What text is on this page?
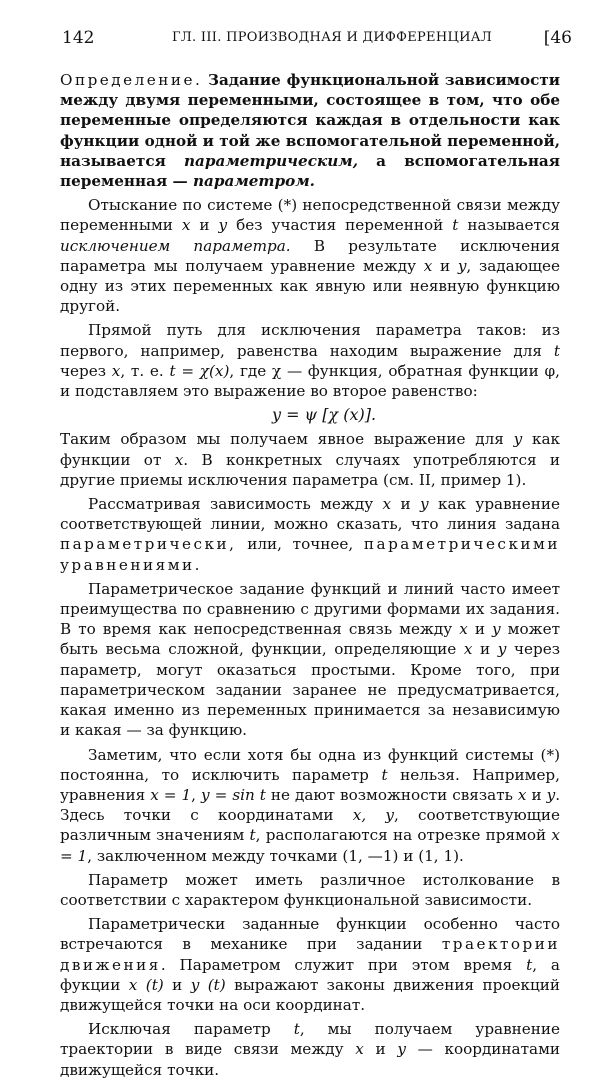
142	ГЛ. III. ПРОИЗВОДНАЯ И ДИФФЕРЕНЦИАЛ	[46

Определение. Задание функциональной зависимости между двумя переменными, состоящее в том, что обе переменные определяются каждая в отдельности как функции одной и той же вспомогательной переменной, называется параметрическим, а вспомогательная переменная — параметром.

Отыскание по системе (*) непосредственной связи между переменными x и y без участия переменной t называется исключением параметра. В результате исключения параметра мы получаем уравнение между x и y, задающее одну из этих переменных как явную или неявную функцию другой.

Прямой путь для исключения параметра таков: из первого, например, равенства находим выражение для t через x, т. е. t = χ(x), где χ — функция, обратная функции φ, и подставляем это выражение во второе равенство:

y = ψ [χ (x)].

Таким образом мы получаем явное выражение для y как функции от x. В конкретных случаях употребляются и другие приемы исключения параметра (см. II, пример 1).

Рассматривая зависимость между x и y как уравнение соответствующей линии, можно сказать, что линия задана параметрически, или, точнее, параметрическими уравнениями.

Параметрическое задание функций и линий часто имеет преимущества по сравнению с другими формами их задания. В то время как непосредственная связь между x и y может быть весьма сложной, функции, определяющие x и y через параметр, могут оказаться простыми. Кроме того, при параметрическом задании заранее не предусматривается, какая именно из переменных принимается за независимую и какая — за функцию.

Заметим, что если хотя бы одна из функций системы (*) постоянна, то исключить параметр t нельзя. Например, уравнения x = 1, y = sin t не дают возможности связать x и y. Здесь точки с координатами x, y, соответствующие различным значениям t, располагаются на отрезке прямой x = 1, заключенном между точками (1, —1) и (1, 1).

Параметр может иметь различное истолкование в соответствии с характером функциональной зависимости.

Параметрически заданные функции особенно часто встречаются в механике при задании траектории движения. Параметром служит при этом время t, а фукции x (t) и y (t) выражают законы движения проекций движущейся точки на оси координат.

Исключая параметр t, мы получаем уравнение траектории в виде связи между x и y — координатами движущейся точки.
